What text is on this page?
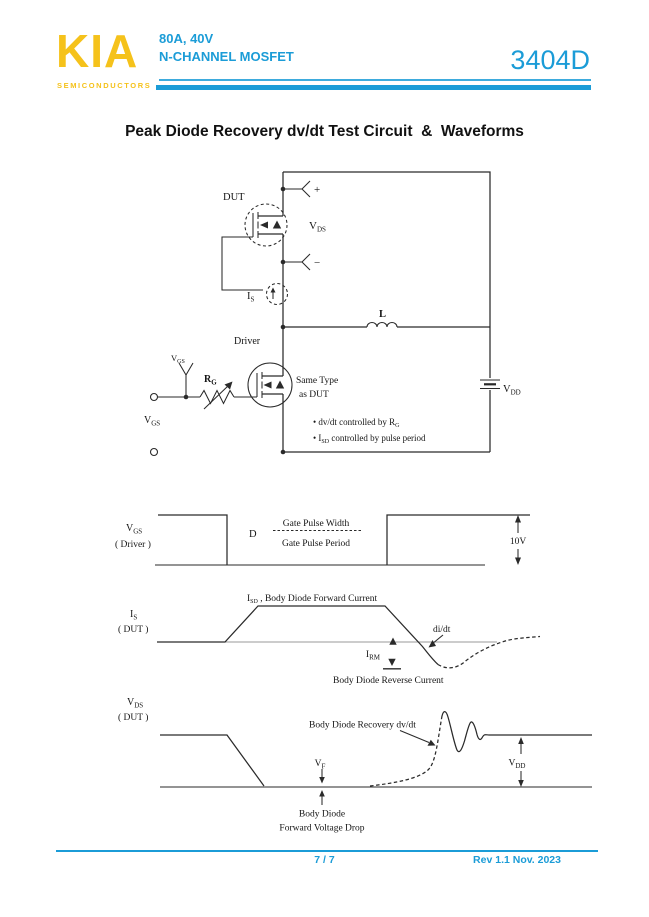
KIA
SEMICONDUCTORS
80A, 40V
N-CHANNEL MOSFET	3404D
Peak Diode Recovery dv/dt Test Circuit  &  Waveforms
+
−
$V_{DS}$
DUT
$I_S$
L
$V_{DD}$
Driver
Same Type
as DUT
$R_G$
$V_{GS}$
$V_{GS}$	• dv/dt controlled by $R_G$
• $I_{SD}$ controlled by pulse period
$V_{GS}$
( Driver )
D
Gate Pulse Width
Gate Pulse Period	10V
$I_S$
( DUT )
$I_{SD}$ , Body Diode Forward Current
di/dt
$I_{RM}$
Body Diode Reverse Current
$V_{DS}$
( DUT )
Body Diode Recovery dv/dt
$V_F$
Body Diode
Forward Voltage Drop
$V_{DD}$
7 / 7	Rev 1.1 Nov. 2023
